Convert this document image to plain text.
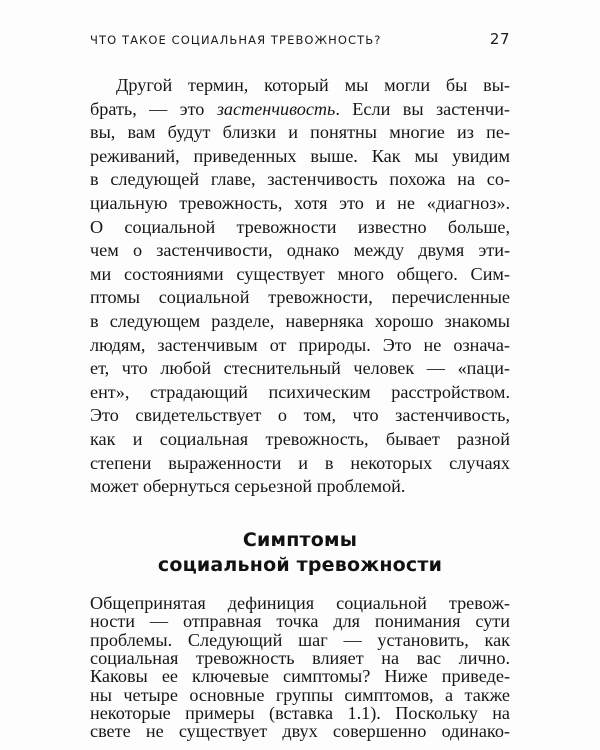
ЧТО ТАКОЕ СОЦИАЛЬНАЯ ТРЕВОЖНОСТЬ?	27
Другой термин, который мы могли бы вы-
брать, — это застенчивость. Если вы застенчи-
вы, вам будут близки и понятны многие из пе-
реживаний, приведенных выше. Как мы увидим
в следующей главе, застенчивость похожа на со-
циальную тревожность, хотя это и не «диагноз».
О социальной тревожности известно больше,
чем о застенчивости, однако между двумя эти-
ми состояниями существует много общего. Сим-
птомы социальной тревожности, перечисленные
в следующем разделе, наверняка хорошо знакомы
людям, застенчивым от природы. Это не означа-
ет, что любой стеснительный человек — «паци-
ент», страдающий психическим расстройством.
Это свидетельствует о том, что застенчивость,
как и социальная тревожность, бывает разной
степени выраженности и в некоторых случаях
может обернуться серьезной проблемой.
Симптомы
социальной тревожности
Общепринятая дефиниция социальной тревож-
ности — отправная точка для понимания сути
проблемы. Следующий шаг — установить, как
социальная тревожность влияет на вас лично.
Каковы ее ключевые симптомы? Ниже приведе-
ны четыре основные группы симптомов, а также
некоторые примеры (вставка 1.1). Поскольку на
свете не существует двух совершенно одинако-
